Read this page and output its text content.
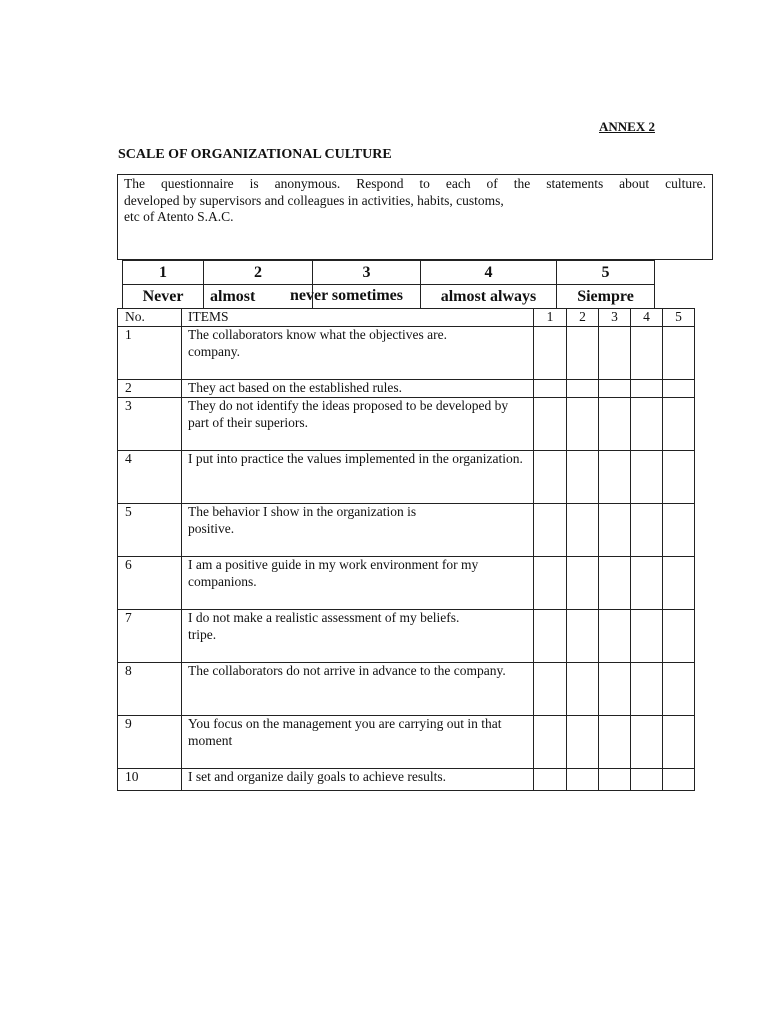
ANNEX 2
SCALE OF ORGANIZATIONAL CULTURE
The questionnaire is anonymous. Respond to each of the statements about culture.
developed by supervisors and colleagues in activities, habits, customs,
etc of Atento S.A.C.
1	2	3	4	5
Never	almost	never sometimes	almost always	Siempre
No.	ITEMS	1	2	3	4	5
1	The collaborators know what the objectives are.
company.					
2	They act based on the established rules.					
3	They do not identify the ideas proposed to be developed by part of their superiors.					
4	I put into practice the values implemented in the organization.					
5	The behavior I show in the organization is
positive.					
6	I am a positive guide in my work environment for my companions.					
7	I do not make a realistic assessment of my beliefs.
tripe.					
8	The collaborators do not arrive in advance to the company.					
9	You focus on the management you are carrying out in that moment					
10	I set and organize daily goals to achieve results.					
